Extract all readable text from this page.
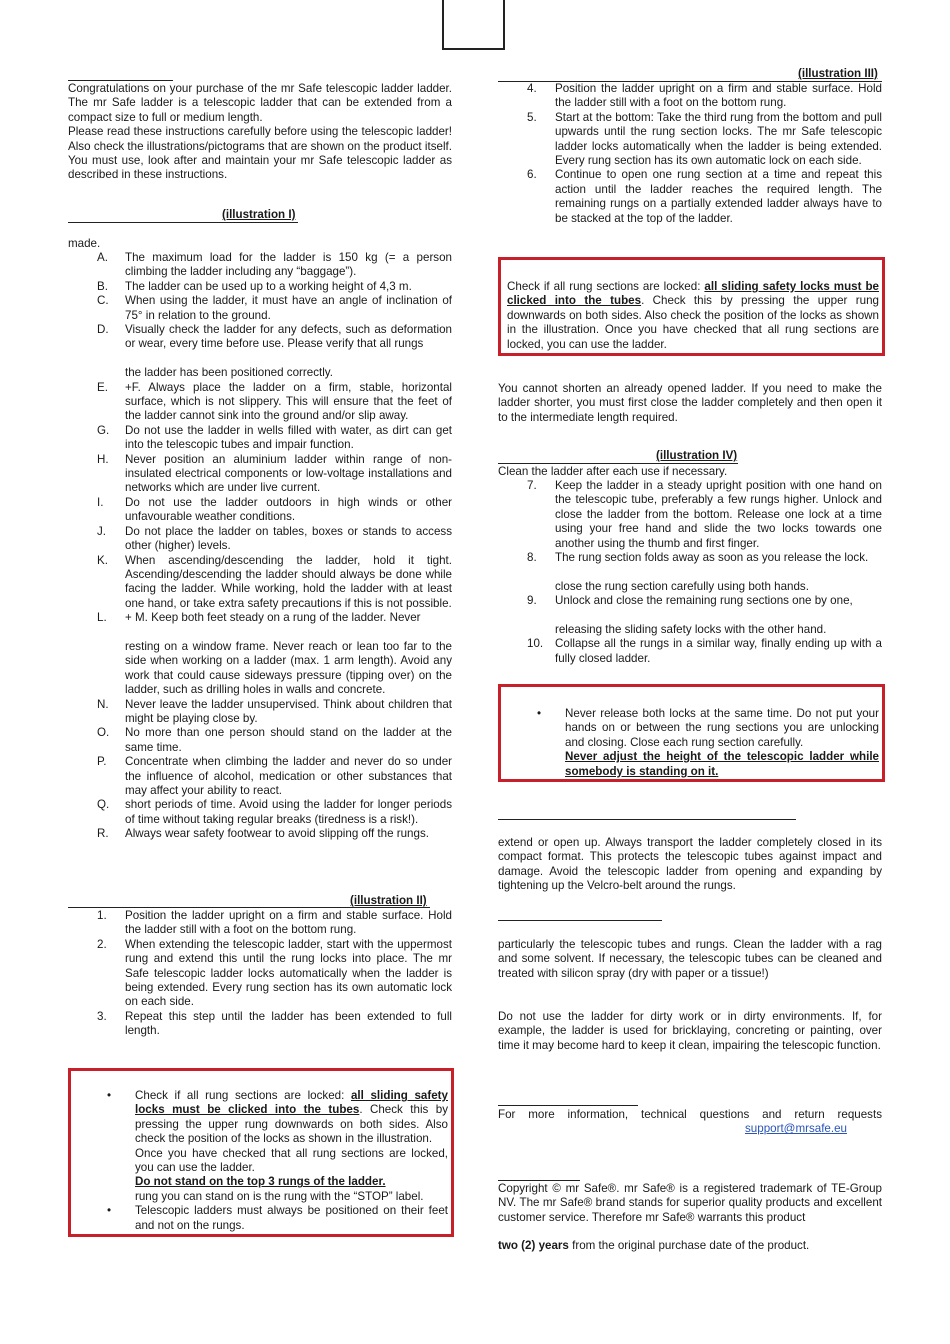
Congratulations on your purchase of the mr Safe telescopic ladder ladder. The mr Safe ladder is a telescopic ladder that can be extended from a compact size to full or medium length.
Please read these instructions carefully before using the telescopic ladder! Also check the illustrations/pictograms that are shown on the product itself. You must use, look after and maintain your mr Safe telescopic ladder as described in these instructions.
(illustration I)
made.
A. The maximum load for the ladder is 150 kg (= a person climbing the ladder including any “baggage”).
B. The ladder can be used up to a working height of 4,3 m.
C. When using the ladder, it must have an angle of inclination of 75° in relation to the ground.
D. Visually check the ladder for any defects, such as deformation or wear, every time before use. Please verify that all rungs
the ladder has been positioned correctly.
E. +F. Always place the ladder on a firm, stable, horizontal surface, which is not slippery. This will ensure that the feet of the ladder cannot sink into the ground and/or slip away.
G. Do not use the ladder in wells filled with water, as dirt can get into the telescopic tubes and impair function.
H. Never position an aluminium ladder within range of non-insulated electrical components or low-voltage installations and networks which are under live current.
I. Do not use the ladder outdoors in high winds or other unfavourable weather conditions.
J. Do not place the ladder on tables, boxes or stands to access other (higher) levels.
K. When ascending/descending the ladder, hold it tight. Ascending/descending the ladder should always be done while facing the ladder. While working, hold the ladder with at least one hand, or take extra safety precautions if this is not possible.
L. + M. Keep both feet steady on a rung of the ladder. Never
resting on a window frame. Never reach or lean too far to the side when working on a ladder (max. 1 arm length). Avoid any work that could cause sideways pressure (tipping over) on the ladder, such as drilling holes in walls and concrete.
N. Never leave the ladder unsupervised. Think about children that might be playing close by.
O. No more than one person should stand on the ladder at the same time.
P. Concentrate when climbing the ladder and never do so under the influence of alcohol, medication or other substances that may affect your ability to react.
Q.	short periods of time. Avoid using the ladder for longer periods of time without taking regular breaks (tiredness is a risk!).
R. Always wear safety footwear to avoid slipping off the rungs.
(illustration II)
1. Position the ladder upright on a firm and stable surface. Hold the ladder still with a foot on the bottom rung.
2. When extending the telescopic ladder, start with the uppermost rung and extend this until the rung locks into place. The mr Safe telescopic ladder locks automatically when the ladder is being extended. Every rung section has its own automatic lock on each side.
3. Repeat this step until the ladder has been extended to full length.
• Check if all rung sections are locked: all sliding safety locks must be clicked into the tubes. Check this by pressing the upper rung downwards on both sides. Also check the position of the locks as shown in the illustration.
Once you have checked that all rung sections are locked, you can use the ladder.
Do not stand on the top 3 rungs of the ladder.
rung you can stand on is the rung with the “STOP” label.
• Telescopic ladders must always be positioned on their feet and not on the rungs.
(illustration III)
4. Position the ladder upright on a firm and stable surface. Hold the ladder still with a foot on the bottom rung.
5. Start at the bottom: Take the third rung from the bottom and pull upwards until the rung section locks. The mr Safe telescopic ladder locks automatically when the ladder is being extended. Every rung section has its own automatic lock on each side.
6. Continue to open one rung section at a time and repeat this action until the ladder reaches the required length. The remaining rungs on a partially extended ladder always have to be stacked at the top of the ladder.
Check if all rung sections are locked: all sliding safety locks must be clicked into the tubes. Check this by pressing the upper rung downwards on both sides. Also check the position of the locks as shown in the illustration. Once you have checked that all rung sections are locked, you can use the ladder.
You cannot shorten an already opened ladder. If you need to make the ladder shorter, you must first close the ladder completely and then open it to the intermediate length required.
(illustration IV)
Clean the ladder after each use if necessary.
7. Keep the ladder in a steady upright position with one hand on the telescopic tube, preferably a few rungs higher. Unlock and close the ladder from the bottom. Release one lock at a time using your free hand and slide the two locks towards one another using the thumb and first finger.
8. The rung section folds away as soon as you release the lock.
close the rung section carefully using both hands.
9. Unlock and close the remaining rung sections one by one,
releasing the sliding safety locks with the other hand.
10. Collapse all the rungs in a similar way, finally ending up with a fully closed ladder.
• Never release both locks at the same time. Do not put your hands on or between the rung sections you are unlocking and closing. Close each rung section carefully.
Never adjust the height of the telescopic ladder while somebody is standing on it.
extend or open up. Always transport the ladder completely closed in its compact format. This protects the telescopic tubes against impact and damage. Avoid the telescopic ladder from opening and expanding by tightening up the Velcro-belt around the rungs.
particularly the telescopic tubes and rungs. Clean the ladder with a rag and some solvent. If necessary, the telescopic tubes can be cleaned and treated with silicon spray (dry with paper or a tissue!)
Do not use the ladder for dirty work or in dirty environments. If, for example, the ladder is used for bricklaying, concreting or painting, over time it may become hard to keep it clean, impairing the telescopic function.
For more information, technical questions and return requests
support@mrsafe.eu
Copyright © mr Safe®. mr Safe® is a registered trademark of TE-Group NV. The mr Safe® brand stands for superior quality products and excellent customer service. Therefore mr Safe® warrants this product
two (2) years from the original purchase date of the product.
